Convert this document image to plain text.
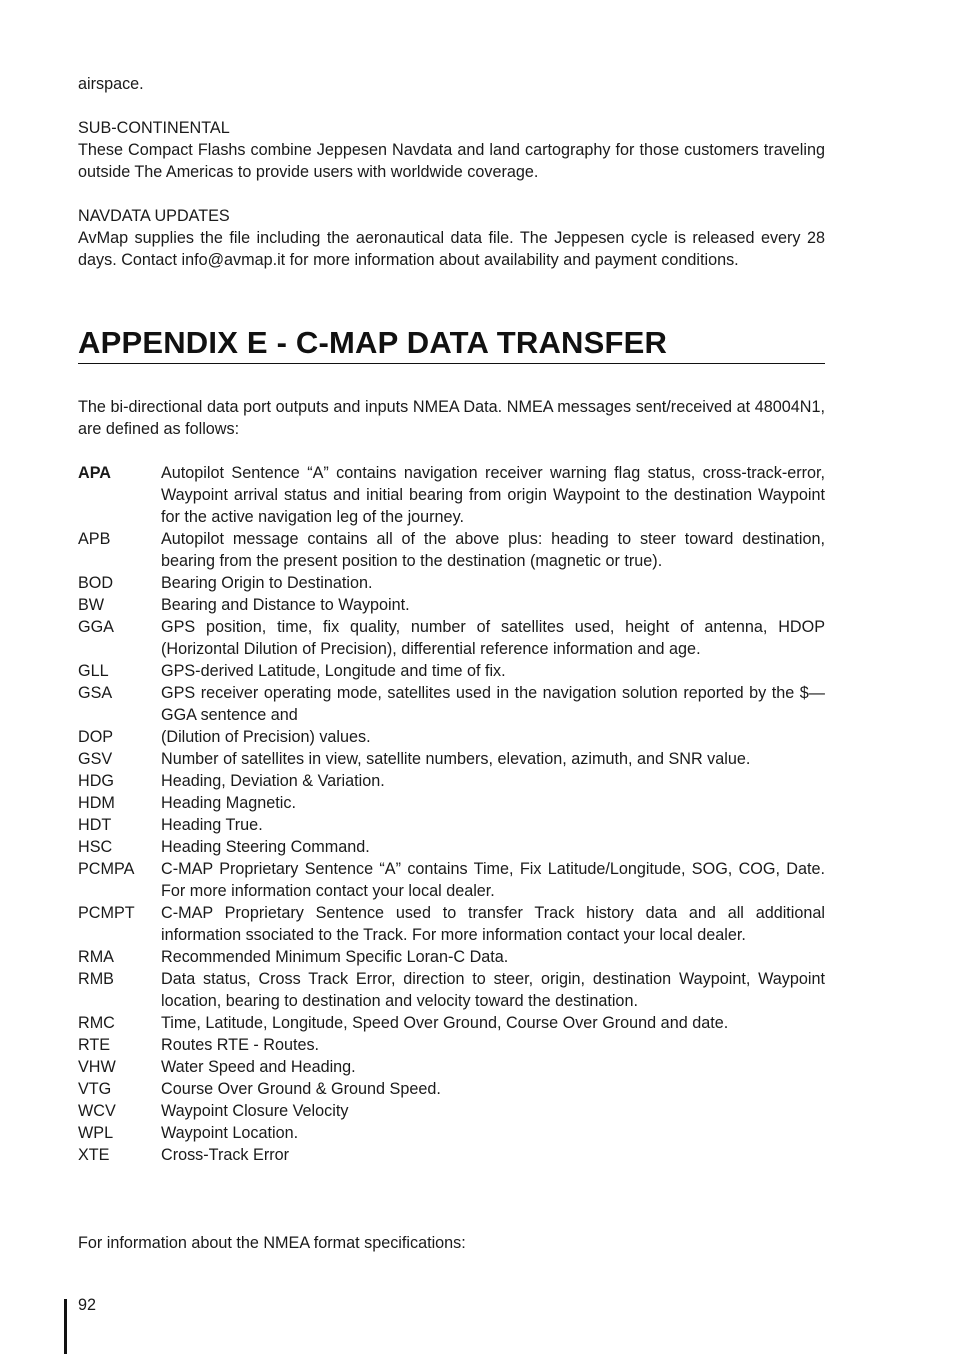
airspace.

SUB-CONTINENTAL

These Compact Flashs combine Jeppesen Navdata and land cartography for those customers traveling outside The Americas to provide users with worldwide coverage.

NAVDATA UPDATES

AvMap supplies the file including the aeronautical data file. The Jeppesen cycle is released every 28 days. Contact info@avmap.it for more information about availability and payment conditions.

APPENDIX E - C-MAP DATA TRANSFER

The bi-directional data port outputs and inputs NMEA Data. NMEA messages sent/received at 48004N1, are defined as follows:

APA	Autopilot Sentence “A” contains navigation receiver warning flag status, cross-track-error, Waypoint arrival status and initial bearing from origin Waypoint to the destination Waypoint for the active navigation leg of the journey.
APB	Autopilot message contains all of the above plus: heading to steer toward destination, bearing from the present position to the destination (magnetic or true).
BOD	Bearing Origin to Destination.
BW	Bearing and Distance to Waypoint.
GGA	GPS position, time, fix quality, number of satellites used, height of antenna, HDOP (Horizontal Dilution of Precision), differential reference information and age.
GLL	GPS-derived Latitude, Longitude and time of fix.
GSA	GPS receiver operating mode, satellites used in the navigation solution reported by the $— GGA sentence and
DOP	(Dilution of Precision) values.
GSV	Number of satellites in view, satellite numbers, elevation, azimuth, and SNR value.
HDG	Heading, Deviation & Variation.
HDM	Heading Magnetic.
HDT	Heading True.
HSC	Heading Steering Command.
PCMPA	C-MAP Proprietary Sentence “A” contains Time, Fix Latitude/Longitude, SOG, COG, Date. For more information contact your local dealer.
PCMPT	C-MAP Proprietary Sentence used to transfer Track history data and all additional information ssociated to the Track. For more information contact your local dealer.
RMA	Recommended Minimum Specific Loran-C Data.
RMB	Data status, Cross Track Error, direction to steer, origin, destination Waypoint, Waypoint location, bearing to destination and velocity toward the destination.
RMC	Time, Latitude, Longitude, Speed Over Ground, Course Over Ground and date.
RTE	Routes RTE - Routes.
VHW	Water Speed and Heading.
VTG	Course Over Ground & Ground Speed.
WCV	Waypoint Closure Velocity
WPL	Waypoint Location.
XTE	Cross-Track Error

For information about the NMEA format specifications:

92
